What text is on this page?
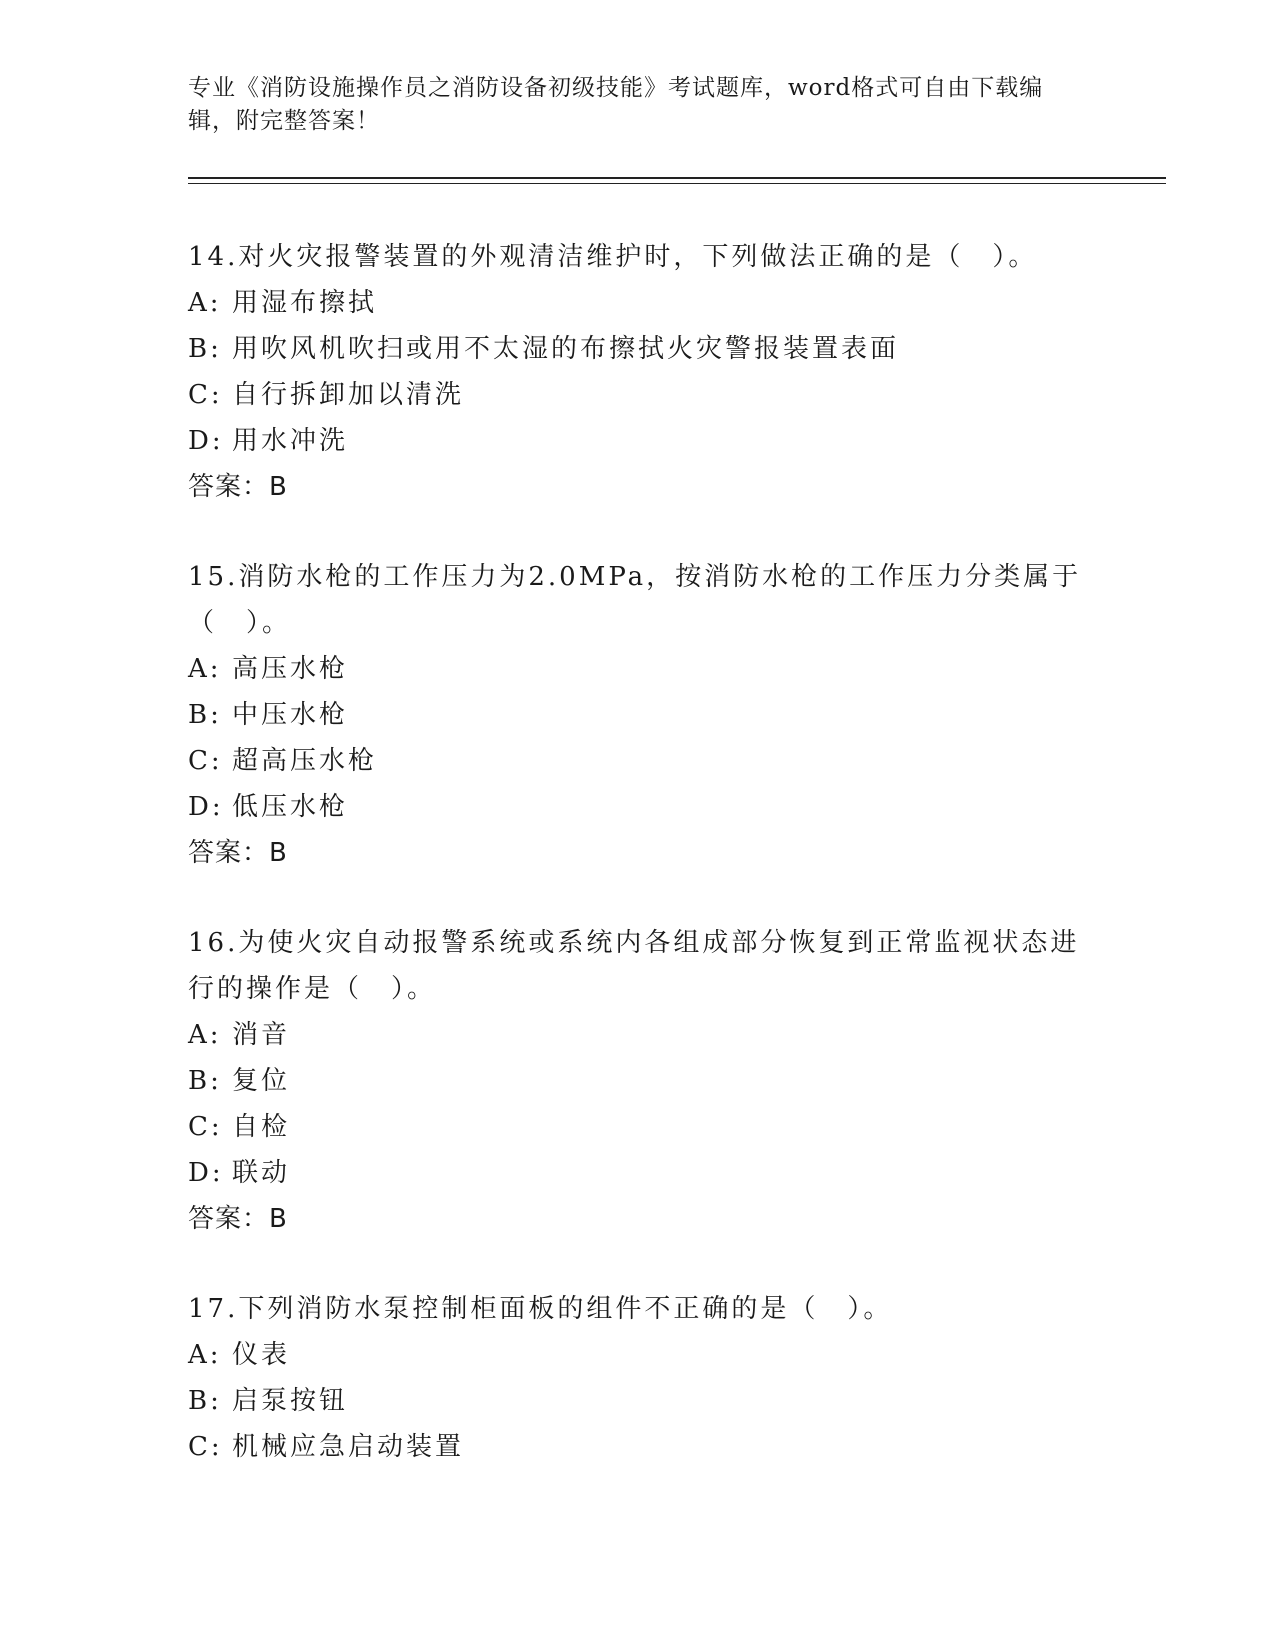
专业《消防设施操作员之消防设备初级技能》考试题库，word格式可自由下载编辑，附完整答案！

14.对火灾报警装置的外观清洁维护时，下列做法正确的是（　）。

A: 用湿布擦拭

B: 用吹风机吹扫或用不太湿的布擦拭火灾警报装置表面

C: 自行拆卸加以清洗

D: 用水冲洗

答案：B

15.消防水枪的工作压力为2.0MPa，按消防水枪的工作压力分类属于（　）。

A: 高压水枪

B: 中压水枪

C: 超高压水枪

D: 低压水枪

答案：B

16.为使火灾自动报警系统或系统内各组成部分恢复到正常监视状态进行的操作是（　）。

A: 消音

B: 复位

C: 自检

D: 联动

答案：B

17.下列消防水泵控制柜面板的组件不正确的是（　）。

A: 仪表

B: 启泵按钮

C: 机械应急启动装置
